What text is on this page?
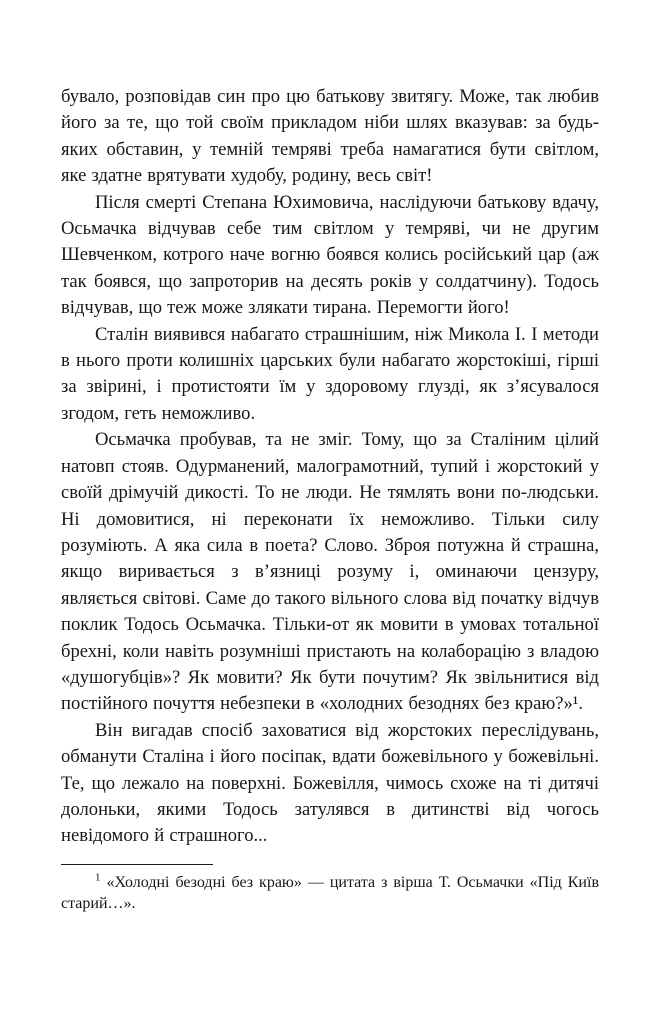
бувало, розповідав син про цю батькову звитягу. Може, так любив його за те, що той своїм прикладом ніби шлях вказував: за будь-яких обставин, у темній темряві треба намагатися бути світлом, яке здатне врятувати худобу, родину, весь світ!

Після смерті Степана Юхимовича, наслідуючи батькову вдачу, Осьмачка відчував себе тим світлом у темряві, чи не другим Шевченком, котрого наче вогню боявся колись російський цар (аж так боявся, що запроторив на десять років у солдатчину). Тодось відчував, що теж може злякати тирана. Перемогти його!

Сталін виявився набагато страшнішим, ніж Микола І. І методи в нього проти колишніх царських були набагато жорстокіші, гірші за звірині, і протистояти їм у здоровому глузді, як з’ясувалося згодом, геть неможливо.

Осьмачка пробував, та не зміг. Тому, що за Сталіним цілий натовп стояв. Одурманений, малограмотний, тупий і жорстокий у своїй дрімучій дикості. То не люди. Не тямлять вони по-людськи. Ні домовитися, ні переконати їх неможливо. Тільки силу розуміють. А яка сила в поета? Слово. Зброя потужна й страшна, якщо виривається з в’язниці розуму і, оминаючи цензуру, являється світові. Саме до такого вільного слова від початку відчув поклик Тодось Осьмачка. Тільки-от як мовити в умовах тотальної брехні, коли навіть розумніші пристають на колаборацію з владою «душогубців»? Як мовити? Як бути почутим? Як звільнитися від постійного почуття небезпеки в «холодних безоднях без краю?»¹.

Він вигадав спосіб заховатися від жорстоких переслідувань, обманути Сталіна і його посіпак, вдати божевільного у божевільні. Те, що лежало на поверхні. Божевілля, чимось схоже на ті дитячі долоньки, якими Тодось затулявся в дитинстві від чогось невідомого й страшного...

$^1$ «Холодні безодні без краю» — цитата з вірша Т. Осьмачки «Під Київ старий…».
